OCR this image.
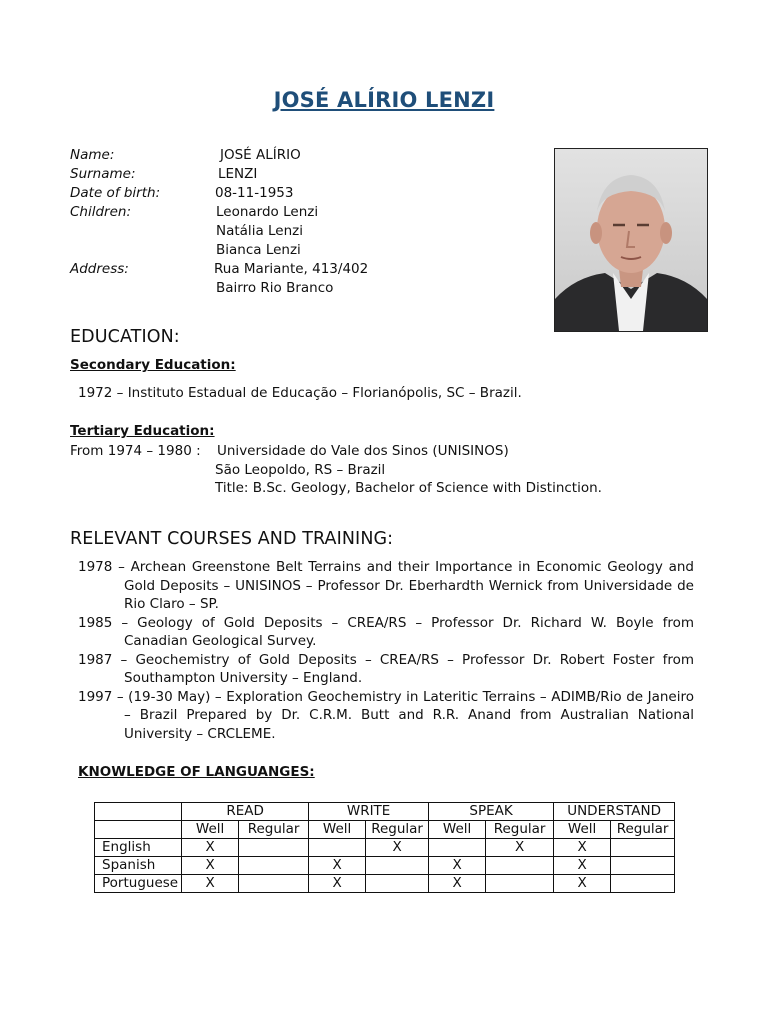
JOSÉ ALÍRIO LENZI
Name:	JOSÉ ALÍRIO
Surname:	LENZI
Date of birth:	08-11-1953
Children:	Leonardo Lenzi
Natália Lenzi
Bianca Lenzi
Address:	Rua Mariante, 413/402
Bairro Rio Branco
EDUCATION:
Secondary Education:
1972 – Instituto Estadual de Educação – Florianópolis, SC – Brazil.
Tertiary Education:
From 1974 – 1980 : Universidade do Vale dos Sinos (UNISINOS)
São Leopoldo, RS – Brazil
Title: B.Sc. Geology, Bachelor of Science with Distinction.
RELEVANT COURSES AND TRAINING:
1978 – Archean Greenstone Belt Terrains and their Importance in Economic Geology and Gold Deposits – UNISINOS – Professor Dr. Eberhardth Wernick from Universidade de Rio Claro – SP.
1985 – Geology of Gold Deposits – CREA/RS – Professor Dr. Richard W. Boyle from Canadian Geological Survey.
1987 – Geochemistry of Gold Deposits – CREA/RS – Professor Dr. Robert Foster from Southampton University – England.
1997 – (19-30 May) – Exploration Geochemistry in Lateritic Terrains – ADIMB/Rio de Janeiro – Brazil Prepared by Dr. C.R.M. Butt and R.R. Anand from Australian National University – CRCLEME.
KNOWLEDGE OF LANGUANGES:
	READ		WRITE		SPEAK		UNDERSTAND	
	Well	Regular	Well	Regular	Well	Regular	Well	Regular
English	X			X		X	X	
Spanish	X		X		X		X	
Portuguese	X		X		X		X	
